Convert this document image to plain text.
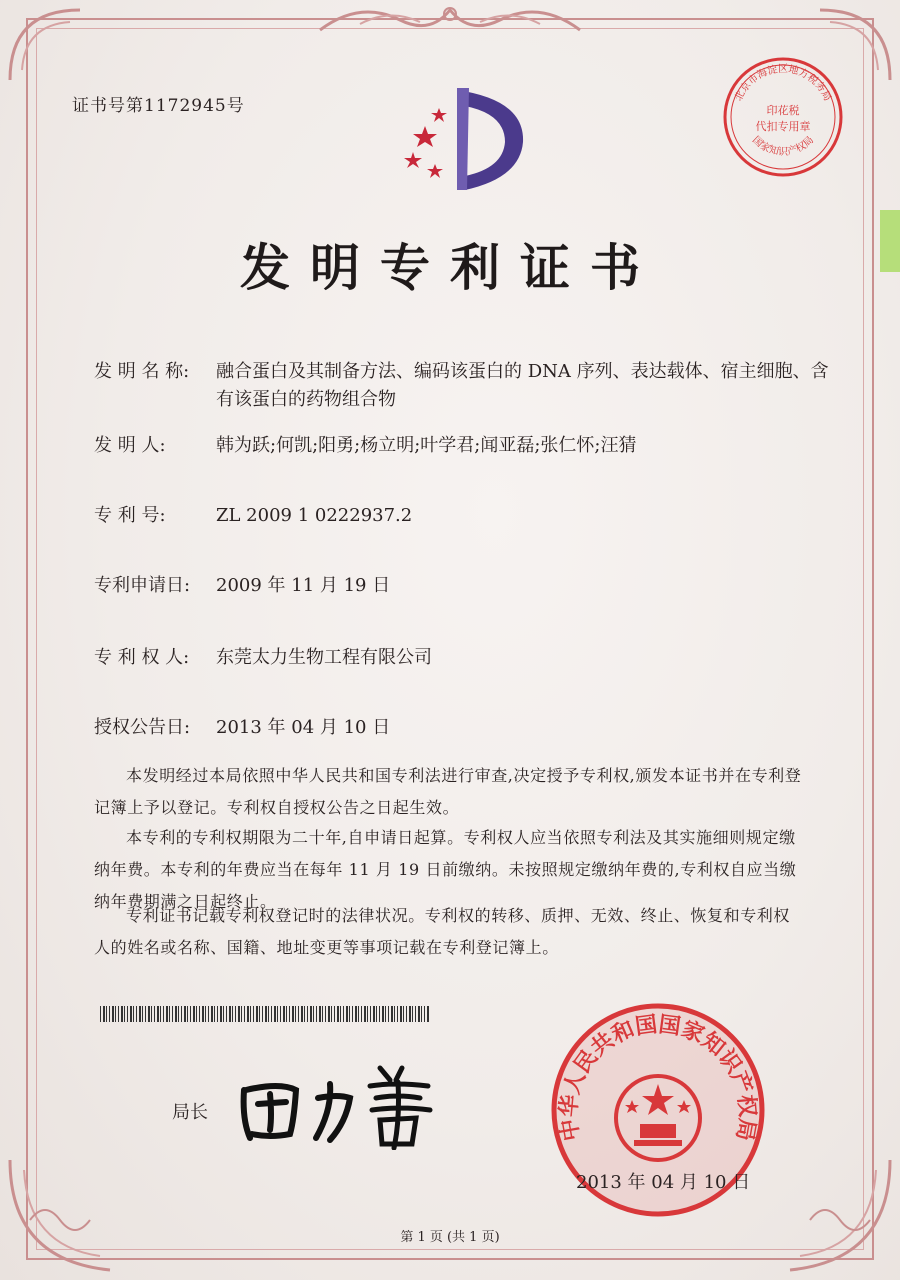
北京市海淀区地方税务局
印花税
代扣专用章
国家知识产权局
证书号第1172945号
发明专利证书
发 明 名 称: 融合蛋白及其制备方法、编码该蛋白的 DNA 序列、表达载体、宿主细胞、含有该蛋白的药物组合物
发 明 人:	韩为跃;何凯;阳勇;杨立明;叶学君;闻亚磊;张仁怀;汪猜
专 利 号:	ZL 2009 1 0222937.2
专利申请日: 2009 年 11 月 19 日
专 利 权 人: 东莞太力生物工程有限公司
授权公告日: 2013 年 04 月 10 日
本发明经过本局依照中华人民共和国专利法进行审查,决定授予专利权,颁发本证书并在专利登记簿上予以登记。专利权自授权公告之日起生效。
本专利的专利权期限为二十年,自申请日起算。专利权人应当依照专利法及其实施细则规定缴纳年费。本专利的年费应当在每年 11 月 19 日前缴纳。未按照规定缴纳年费的,专利权自应当缴纳年费期满之日起终止。
专利证书记载专利权登记时的法律状况。专利权的转移、质押、无效、终止、恢复和专利权人的姓名或名称、国籍、地址变更等事项记载在专利登记簿上。
局长
中华人民共和国国家知识产权局
2013 年 04 月 10 日
第 1 页 (共 1 页)
